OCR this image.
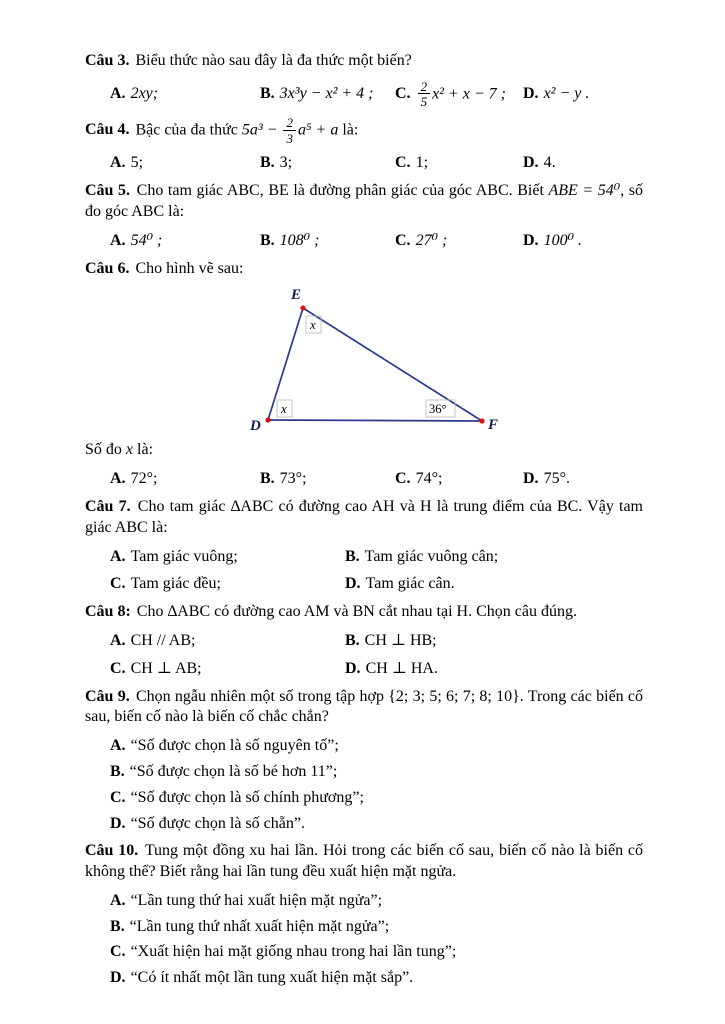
Câu 3. Biểu thức nào sau đây là đa thức một biến?

A. 2xy;	B. 3x³y − x² + 4 ;	C. $\frac{2}{5} x^2 + x - 7$ ;	D. x² − y .

Câu 4. Bậc của đa thức $5a^3 - \frac{2}{3} a^5 + a$ là:

A. 5;	B. 3;	C. 1;	D. 4.

Câu 5. Cho tam giác ABC, BE là đường phân giác của góc ABC. Biết ABE = 54⁰, số đo góc ABC là:

A. 54⁰ ;	B. 108⁰ ;	C. 27⁰ ;	D. 100⁰ .

Câu 6. Cho hình vẽ sau:

E
D	F
x
x	36°

Số đo x là:

A. 72°;	B. 73°;	C. 74°;	D. 75°.

Câu 7. Cho tam giác ∆ABC có đường cao AH và H là trung điểm của BC. Vậy tam giác ABC là:

A. Tam giác vuông;	B. Tam giác vuông cân;
C. Tam giác đều;	D. Tam giác cân.

Câu 8: Cho ∆ABC có đường cao AM và BN cắt nhau tại H. Chọn câu đúng.

A. CH // AB;	B. CH ⊥ HB;
C. CH ⊥ AB;	D. CH ⊥ HA.

Câu 9. Chọn ngẫu nhiên một số trong tập hợp {2; 3; 5; 6; 7; 8; 10}. Trong các biến cố sau, biến cố nào là biến cố chắc chắn?

A. “Số được chọn là số nguyên tố”;
B. “Số được chọn là số bé hơn 11”;
C. “Số được chọn là số chính phương”;
D. “Số được chọn là số chẵn”.

Câu 10. Tung một đồng xu hai lần. Hỏi trong các biến cố sau, biến cố nào là biến cố không thể? Biết rằng hai lần tung đều xuất hiện mặt ngửa.

A. “Lần tung thứ hai xuất hiện mặt ngửa”;
B. “Lần tung thứ nhất xuất hiện mặt ngửa”;
C. “Xuất hiện hai mặt giống nhau trong hai lần tung”;
D. “Có ít nhất một lần tung xuất hiện mặt sắp”.
